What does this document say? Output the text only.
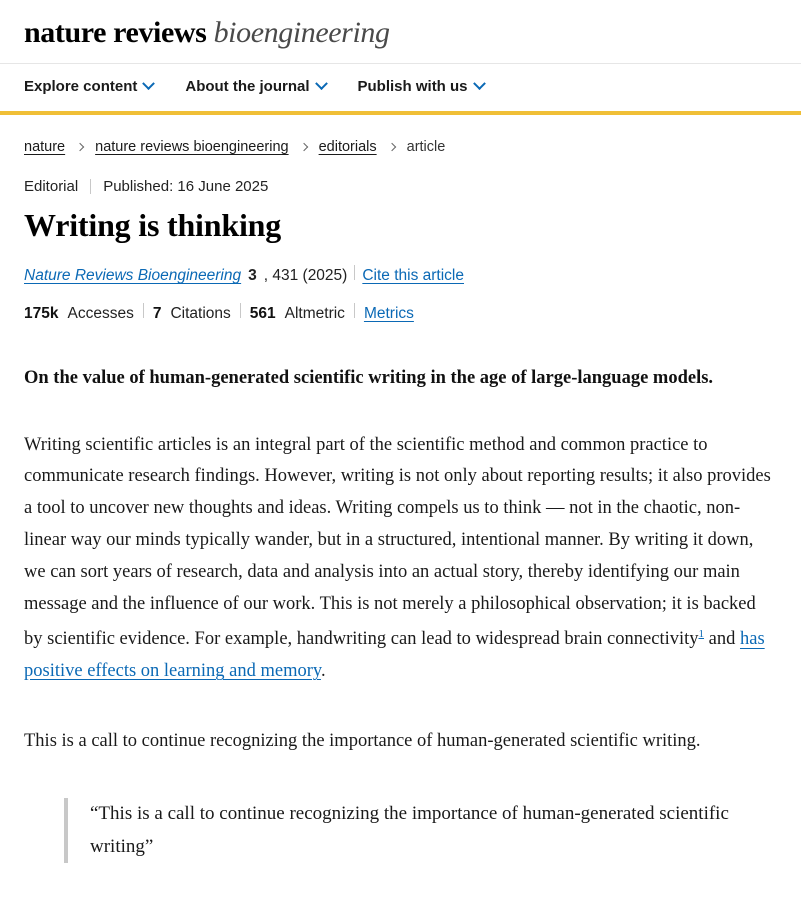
nature reviews bioengineering
Explore content	About the journal	Publish with us
nature nature reviews bioengineering editorials article
Editorial Published: 16 June 2025
Writing is thinking
Nature Reviews Bioengineering 3 , 431 (2025) Cite this article
175k Accesses 7 Citations 561 Altmetric Metrics

On the value of human-generated scientific writing in the age of large-language models.

Writing scientific articles is an integral part of the scientific method and common practice to communicate research findings. However, writing is not only about reporting results; it also provides a tool to uncover new thoughts and ideas. Writing compels us to think — not in the chaotic, non-linear way our minds typically wander, but in a structured, intentional manner. By writing it down, we can sort years of research, data and analysis into an actual story, thereby identifying our main message and the influence of our work. This is not merely a philosophical observation; it is backed by scientific evidence. For example, handwriting can lead to widespread brain connectivity$^1$ and has positive effects on learning and memory.

This is a call to continue recognizing the importance of human-generated scientific writing.

“This is a call to continue recognizing the importance of human-generated scientific writing”
